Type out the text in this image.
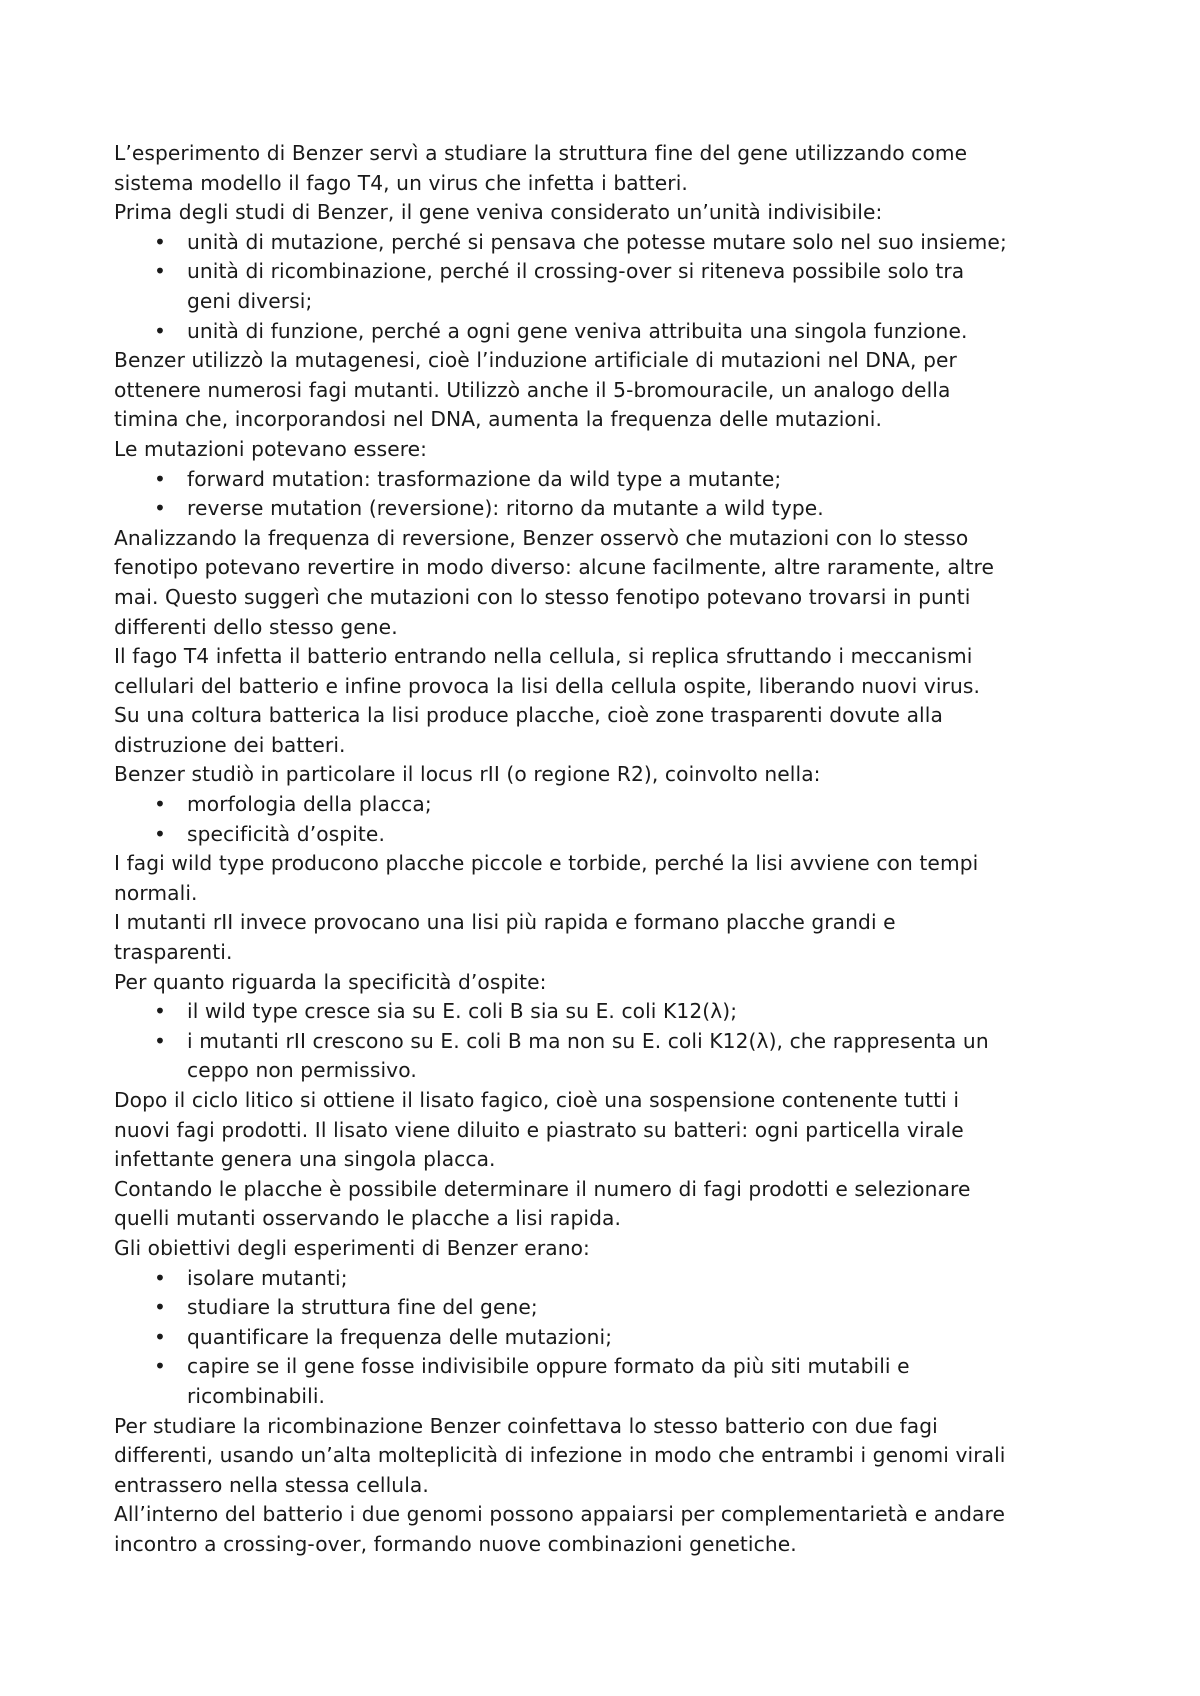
L’esperimento di Benzer servì a studiare la struttura fine del gene utilizzando come
sistema modello il fago T4, un virus che infetta i batteri.
Prima degli studi di Benzer, il gene veniva considerato un’unità indivisibile:
• unità di mutazione, perché si pensava che potesse mutare solo nel suo insieme;
• unità di ricombinazione, perché il crossing-over si riteneva possibile solo tra
geni diversi;
• unità di funzione, perché a ogni gene veniva attribuita una singola funzione.
Benzer utilizzò la mutagenesi, cioè l’induzione artificiale di mutazioni nel DNA, per
ottenere numerosi fagi mutanti. Utilizzò anche il 5-bromouracile, un analogo della
timina che, incorporandosi nel DNA, aumenta la frequenza delle mutazioni.
Le mutazioni potevano essere:
• forward mutation: trasformazione da wild type a mutante;
• reverse mutation (reversione): ritorno da mutante a wild type.
Analizzando la frequenza di reversione, Benzer osservò che mutazioni con lo stesso
fenotipo potevano revertire in modo diverso: alcune facilmente, altre raramente, altre
mai. Questo suggerì che mutazioni con lo stesso fenotipo potevano trovarsi in punti
differenti dello stesso gene.
Il fago T4 infetta il batterio entrando nella cellula, si replica sfruttando i meccanismi
cellulari del batterio e infine provoca la lisi della cellula ospite, liberando nuovi virus.
Su una coltura batterica la lisi produce placche, cioè zone trasparenti dovute alla
distruzione dei batteri.
Benzer studiò in particolare il locus rII (o regione R2), coinvolto nella:
• morfologia della placca;
• specificità d’ospite.
I fagi wild type producono placche piccole e torbide, perché la lisi avviene con tempi
normali.
I mutanti rII invece provocano una lisi più rapida e formano placche grandi e
trasparenti.
Per quanto riguarda la specificità d’ospite:
• il wild type cresce sia su E. coli B sia su E. coli K12(λ);
• i mutanti rII crescono su E. coli B ma non su E. coli K12(λ), che rappresenta un
ceppo non permissivo.
Dopo il ciclo litico si ottiene il lisato fagico, cioè una sospensione contenente tutti i
nuovi fagi prodotti. Il lisato viene diluito e piastrato su batteri: ogni particella virale
infettante genera una singola placca.
Contando le placche è possibile determinare il numero di fagi prodotti e selezionare
quelli mutanti osservando le placche a lisi rapida.
Gli obiettivi degli esperimenti di Benzer erano:
• isolare mutanti;
• studiare la struttura fine del gene;
• quantificare la frequenza delle mutazioni;
• capire se il gene fosse indivisibile oppure formato da più siti mutabili e
ricombinabili.
Per studiare la ricombinazione Benzer coinfettava lo stesso batterio con due fagi
differenti, usando un’alta molteplicità di infezione in modo che entrambi i genomi virali
entrassero nella stessa cellula.
All’interno del batterio i due genomi possono appaiarsi per complementarietà e andare
incontro a crossing-over, formando nuove combinazioni genetiche.
